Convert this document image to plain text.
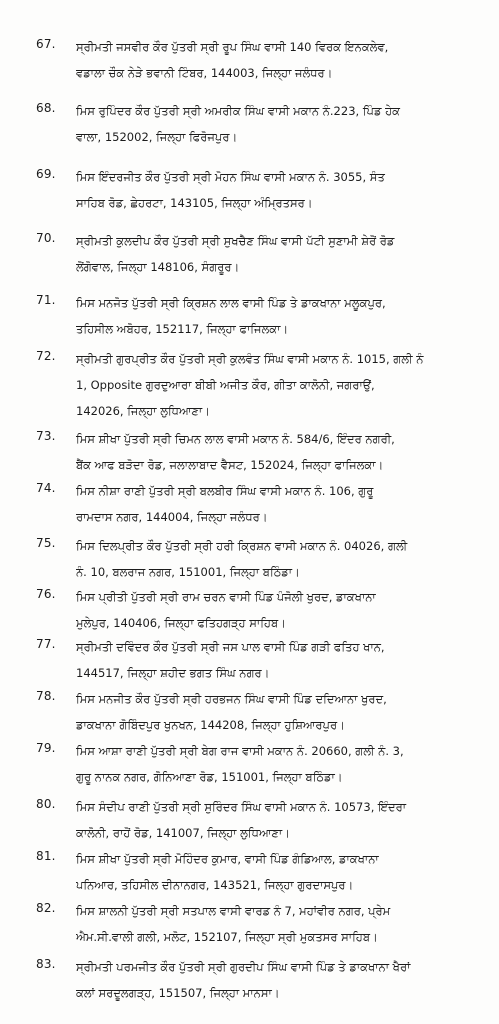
67. ਸ੍ਰੀਮਤੀ ਜਸਵੀਰ ਕੌਰ ਪੁੱਤਰੀ ਸ੍ਰੀ ਰੂਪ ਸਿੰਘ ਵਾਸੀ 140 ਵਿਰਕ ਇਨਕਲੇਵ,
ਵਡਾਲਾ ਚੌਕ ਨੇੜੇ ਭਵਾਨੀ ਟਿੰਬਰ, 144003, ਜਿਲ੍ਹਾ ਜਲੰਧਰ।
68. ਮਿਸ ਰੁਪਿੰਦਰ ਕੌਰ ਪੁੱਤਰੀ ਸ੍ਰੀ ਅਮਰੀਕ ਸਿੰਘ ਵਾਸੀ ਮਕਾਨ ਨੰ.223, ਪਿੰਡ ਹੇਕ
ਵਾਲਾ, 152002, ਜਿਲ੍ਹਾ ਫਿਰੋਜਪੁਰ।
69. ਮਿਸ ਇੰਦਰਜੀਤ ਕੌਰ ਪੁੱਤਰੀ ਸ੍ਰੀ ਮੋਹਨ ਸਿੰਘ ਵਾਸੀ ਮਕਾਨ ਨੰ. 3055, ਸੰਤ
ਸਾਹਿਬ ਰੋਡ, ਛੇਹਰਟਾ, 143105, ਜਿਲ੍ਹਾ ਅੰਮ੍ਰਿਤਸਰ।
70. ਸ੍ਰੀਮਤੀ ਕੁਲਦੀਪ ਕੌਰ ਪੁੱਤਰੀ ਸ੍ਰੀ ਸੁਖਚੈਣ ਸਿੰਘ ਵਾਸੀ ਪੱਟੀ ਸੁਣਾਮੀ ਸ਼ੇਰੋਂ ਰੋਡ
ਲੋਂਗੋਵਾਲ, ਜਿਲ੍ਹਾ 148106, ਸੰਗਰੂਰ।
71. ਮਿਸ ਮਨਜੋਤ ਪੁੱਤਰੀ ਸ੍ਰੀ ਕ੍ਰਿਸ਼ਨ ਲਾਲ ਵਾਸੀ ਪਿੰਡ ਤੇ ਡਾਕਖਾਨਾ ਮਲੂਕਪੁਰ,
ਤਹਿਸੀਲ ਅਬੋਹਰ, 152117, ਜਿਲ੍ਹਾ ਫਾਜਿਲਕਾ।
72. ਸ੍ਰੀਮਤੀ ਗੁਰਪ੍ਰੀਤ ਕੌਰ ਪੁੱਤਰੀ ਸ੍ਰੀ ਕੁਲਵੰਤ ਸਿੰਘ ਵਾਸੀ ਮਕਾਨ ਨੰ. 1015, ਗਲੀ ਨੰ
1, Opposite ਗੁਰਦੁਆਰਾ ਬੀਬੀ ਅਜੀਤ ਕੌਰ, ਗੀਤਾ ਕਾਲੋਨੀ, ਜਗਰਾਉਂ,
142026, ਜਿਲ੍ਹਾ ਲੁਧਿਆਣਾ।
73. ਮਿਸ ਸ਼ੀਖਾ ਪੁੱਤਰੀ ਸ੍ਰੀ ਚਿਮਨ ਲਾਲ ਵਾਸੀ ਮਕਾਨ ਨੰ. 584/6, ਇੰਦਰ ਨਗਰੀ,
ਬੈਂਕ ਆਫ ਬੜੋਦਾ ਰੋਡ, ਜਲਾਲਾਬਾਦ ਵੈਸਟ, 152024, ਜਿਲ੍ਹਾ ਫਾਜਿਲਕਾ।
74. ਮਿਸ ਨੀਸ਼ਾ ਰਾਣੀ ਪੁੱਤਰੀ ਸ੍ਰੀ ਬਲਬੀਰ ਸਿੰਘ ਵਾਸੀ ਮਕਾਨ ਨੰ. 106, ਗੁਰੂ
ਰਾਮਦਾਸ ਨਗਰ, 144004, ਜਿਲ੍ਹਾ ਜਲੰਧਰ।
75. ਮਿਸ ਦਿਲਪ੍ਰੀਤ ਕੌਰ ਪੁੱਤਰੀ ਸ੍ਰੀ ਹਰੀ ਕ੍ਰਿਸ਼ਨ ਵਾਸੀ ਮਕਾਨ ਨੰ. 04026, ਗਲੀ
ਨੰ. 10, ਬਲਰਾਜ ਨਗਰ, 151001, ਜਿਲ੍ਹਾ ਬਠਿੰਡਾ।
76. ਮਿਸ ਪ੍ਰੀਤੀ ਪੁੱਤਰੀ ਸ੍ਰੀ ਰਾਮ ਚਰਨ ਵਾਸੀ ਪਿੰਡ ਪੰਜੋਲੀ ਖੁਰਦ, ਡਾਕਖਾਨਾ
ਮੁਲੇਪੁਰ, 140406, ਜਿਲ੍ਹਾ ਫਤਿਹਗੜ੍ਹ ਸਾਹਿਬ।
77. ਸ੍ਰੀਮਤੀ ਦਵਿੰਦਰ ਕੌਰ ਪੁੱਤਰੀ ਸ੍ਰੀ ਜਸ ਪਾਲ ਵਾਸੀ ਪਿੰਡ ਗੜੀ ਫਤਿਹ ਖਾਨ,
144517, ਜਿਲ੍ਹਾ ਸ਼ਹੀਦ ਭਗਤ ਸਿੰਘ ਨਗਰ।
78. ਮਿਸ ਮਨਜੀਤ ਕੌਰ ਪੁੱਤਰੀ ਸ੍ਰੀ ਹਰਭਜਨ ਸਿੰਘ ਵਾਸੀ ਪਿੰਡ ਦਦਿਆਨਾ ਖੁਰਦ,
ਡਾਕਖਾਨਾ ਗੋਬਿੰਦਪੁਰ ਖੁਨਖਨ, 144208, ਜਿਲ੍ਹਾ ਹੁਸ਼ਿਆਰਪੁਰ।
79. ਮਿਸ ਆਸ਼ਾ ਰਾਣੀ ਪੁੱਤਰੀ ਸ੍ਰੀ ਬੇਗ ਰਾਜ ਵਾਸੀ ਮਕਾਨ ਨੰ. 20660, ਗਲੀ ਨੰ. 3,
ਗੁਰੂ ਨਾਨਕ ਨਗਰ, ਗੋਨਿਆਣਾ ਰੋਡ, 151001, ਜਿਲ੍ਹਾ ਬਠਿੰਡਾ।
80. ਮਿਸ ਸੰਦੀਪ ਰਾਣੀ ਪੁੱਤਰੀ ਸ੍ਰੀ ਸੁਰਿੰਦਰ ਸਿੰਘ ਵਾਸੀ ਮਕਾਨ ਨੰ. 10573, ਇੰਦਰਾ
ਕਾਲੋਨੀ, ਰਾਹੋਂ ਰੋਡ, 141007, ਜਿਲ੍ਹਾ ਲੁਧਿਆਣਾ।
81. ਮਿਸ ਸ਼ੀਖਾ ਪੁੱਤਰੀ ਸ੍ਰੀ ਮੋਹਿੰਦਰ ਕੁਮਾਰ, ਵਾਸੀ ਪਿੰਡ ਗੰਡਿਆਲ, ਡਾਕਖਾਨਾ
ਪਨਿਆਰ, ਤਹਿਸੀਲ ਦੀਨਾਨਗਰ, 143521, ਜਿਲ੍ਹਾ ਗੁਰਦਾਸਪੁਰ।
82. ਮਿਸ ਸ਼ਾਲਨੀ ਪੁੱਤਰੀ ਸ੍ਰੀ ਸਤਪਾਲ ਵਾਸੀ ਵਾਰਡ ਨੰ 7, ਮਹਾਂਵੀਰ ਨਗਰ, ਪ੍ਰੇਮ
ਐਮ.ਸੀ.ਵਾਲੀ ਗਲੀ, ਮਲੋਟ, 152107, ਜਿਲ੍ਹਾ ਸ੍ਰੀ ਮੁਕਤਸਰ ਸਾਹਿਬ।
83. ਸ੍ਰੀਮਤੀ ਪਰਮਜੀਤ ਕੌਰ ਪੁੱਤਰੀ ਸ੍ਰੀ ਗੁਰਦੀਪ ਸਿੰਘ ਵਾਸੀ ਪਿੰਡ ਤੇ ਡਾਕਖਾਨਾ ਖੈਰਾਂ
ਕਲਾਂ ਸਰਦੂਲਗੜ੍ਹ, 151507, ਜਿਲ੍ਹਾ ਮਾਨਸਾ।
